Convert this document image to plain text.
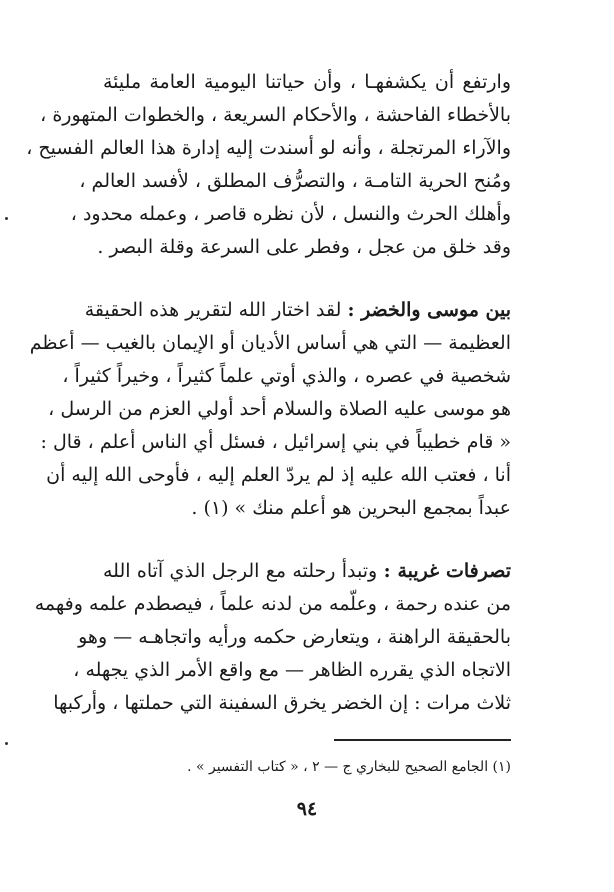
وارتفع أن يكشفهـا ، وأن حياتنا اليومية العامة مليئة
بالأخطاء الفاحشة ، والأحكام السريعة ، والخطوات المتهورة ،
والآراء المرتجلة ، وأنه لو أسندت إليه إدارة هذا العالم الفسيح ،
ومُنح الحرية التامـة ، والتصرُّف المطلق ، لأفسد العالم ،
وأهلك الحرث والنسل ، لأن نظره قاصر ، وعمله محدود ،
وقد خلق من عجل ، وفطر على السرعة وقلة البصر .
بين موسى والخضر : لقد اختار الله لتقرير هذه الحقيقة
العظيمة — التي هي أساس الأديان أو الإيمان بالغيب — أعظم
شخصية في عصره ، والذي أوتي علماً كثيراً ، وخيراً كثيراً ،
هو موسى عليه الصلاة والسلام أحد أولي العزم من الرسل ،
« قام خطيباً في بني إسرائيل ، فسئل أي الناس أعلم ، قال :
أنا ، فعتب الله عليه إذ لم يردّ العلم إليه ، فأوحى الله إليه أن
عبداً بمجمع البحرين هو أعلم منك » (١) .
تصرفات غريبة : وتبدأ رحلته مع الرجل الذي آتاه الله
من عنده رحمة ، وعلّمه من لدنه علماً ، فيصطدم علمه وفهمه
بالحقيقة الراهنة ، ويتعارض حكمه ورأيه واتجاهـه — وهو
الاتجاه الذي يقرره الظاهر — مع واقع الأمر الذي يجهله ،
ثلاث مرات : إن الخضر يخرق السفينة التي حملتها ، وأركبها
(١) الجامع الصحيح للبخاري ج — ٢ ، « كتاب التفسير » .
٩٤
